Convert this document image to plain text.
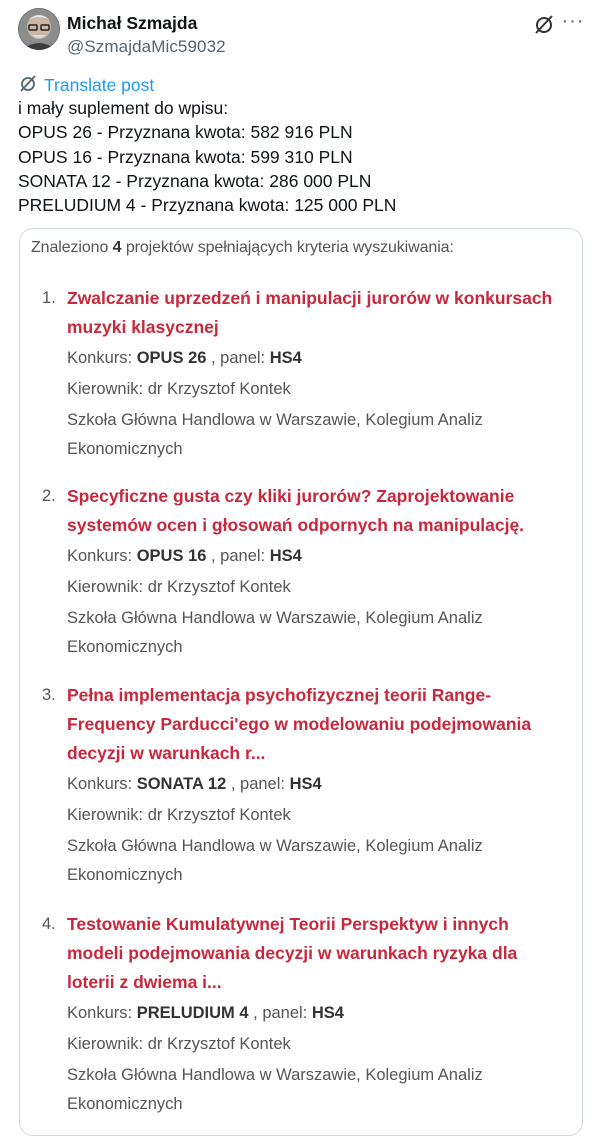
Michał Szmajda
@SzmajdaMic59032
···
Translate post
i mały suplement do wpisu:
OPUS 26 - Przyznana kwota: 582 916 PLN
OPUS 16 - Przyznana kwota: 599 310 PLN
SONATA 12 - Przyznana kwota: 286 000 PLN
PRELUDIUM 4 - Przyznana kwota: 125 000 PLN
Znaleziono 4 projektów spełniających kryteria wyszukiwania:
1. Zwalczanie uprzedzeń i manipulacji jurorów w konkursach
muzyki klasycznej
Konkurs: OPUS 26 , panel: HS4
Kierownik: dr Krzysztof Kontek
Szkoła Główna Handlowa w Warszawie, Kolegium Analiz
Ekonomicznych
2. Specyficzne gusta czy kliki jurorów? Zaprojektowanie
systemów ocen i głosowań odpornych na manipulację.
Konkurs: OPUS 16 , panel: HS4
Kierownik: dr Krzysztof Kontek
Szkoła Główna Handlowa w Warszawie, Kolegium Analiz
Ekonomicznych
3. Pełna implementacja psychofizycznej teorii Range-
Frequency Parducci'ego w modelowaniu podejmowania
decyzji w warunkach r...
Konkurs: SONATA 12 , panel: HS4
Kierownik: dr Krzysztof Kontek
Szkoła Główna Handlowa w Warszawie, Kolegium Analiz
Ekonomicznych
4. Testowanie Kumulatywnej Teorii Perspektyw i innych
modeli podejmowania decyzji w warunkach ryzyka dla
loterii z dwiema i...
Konkurs: PRELUDIUM 4 , panel: HS4
Kierownik: dr Krzysztof Kontek
Szkoła Główna Handlowa w Warszawie, Kolegium Analiz
Ekonomicznych
